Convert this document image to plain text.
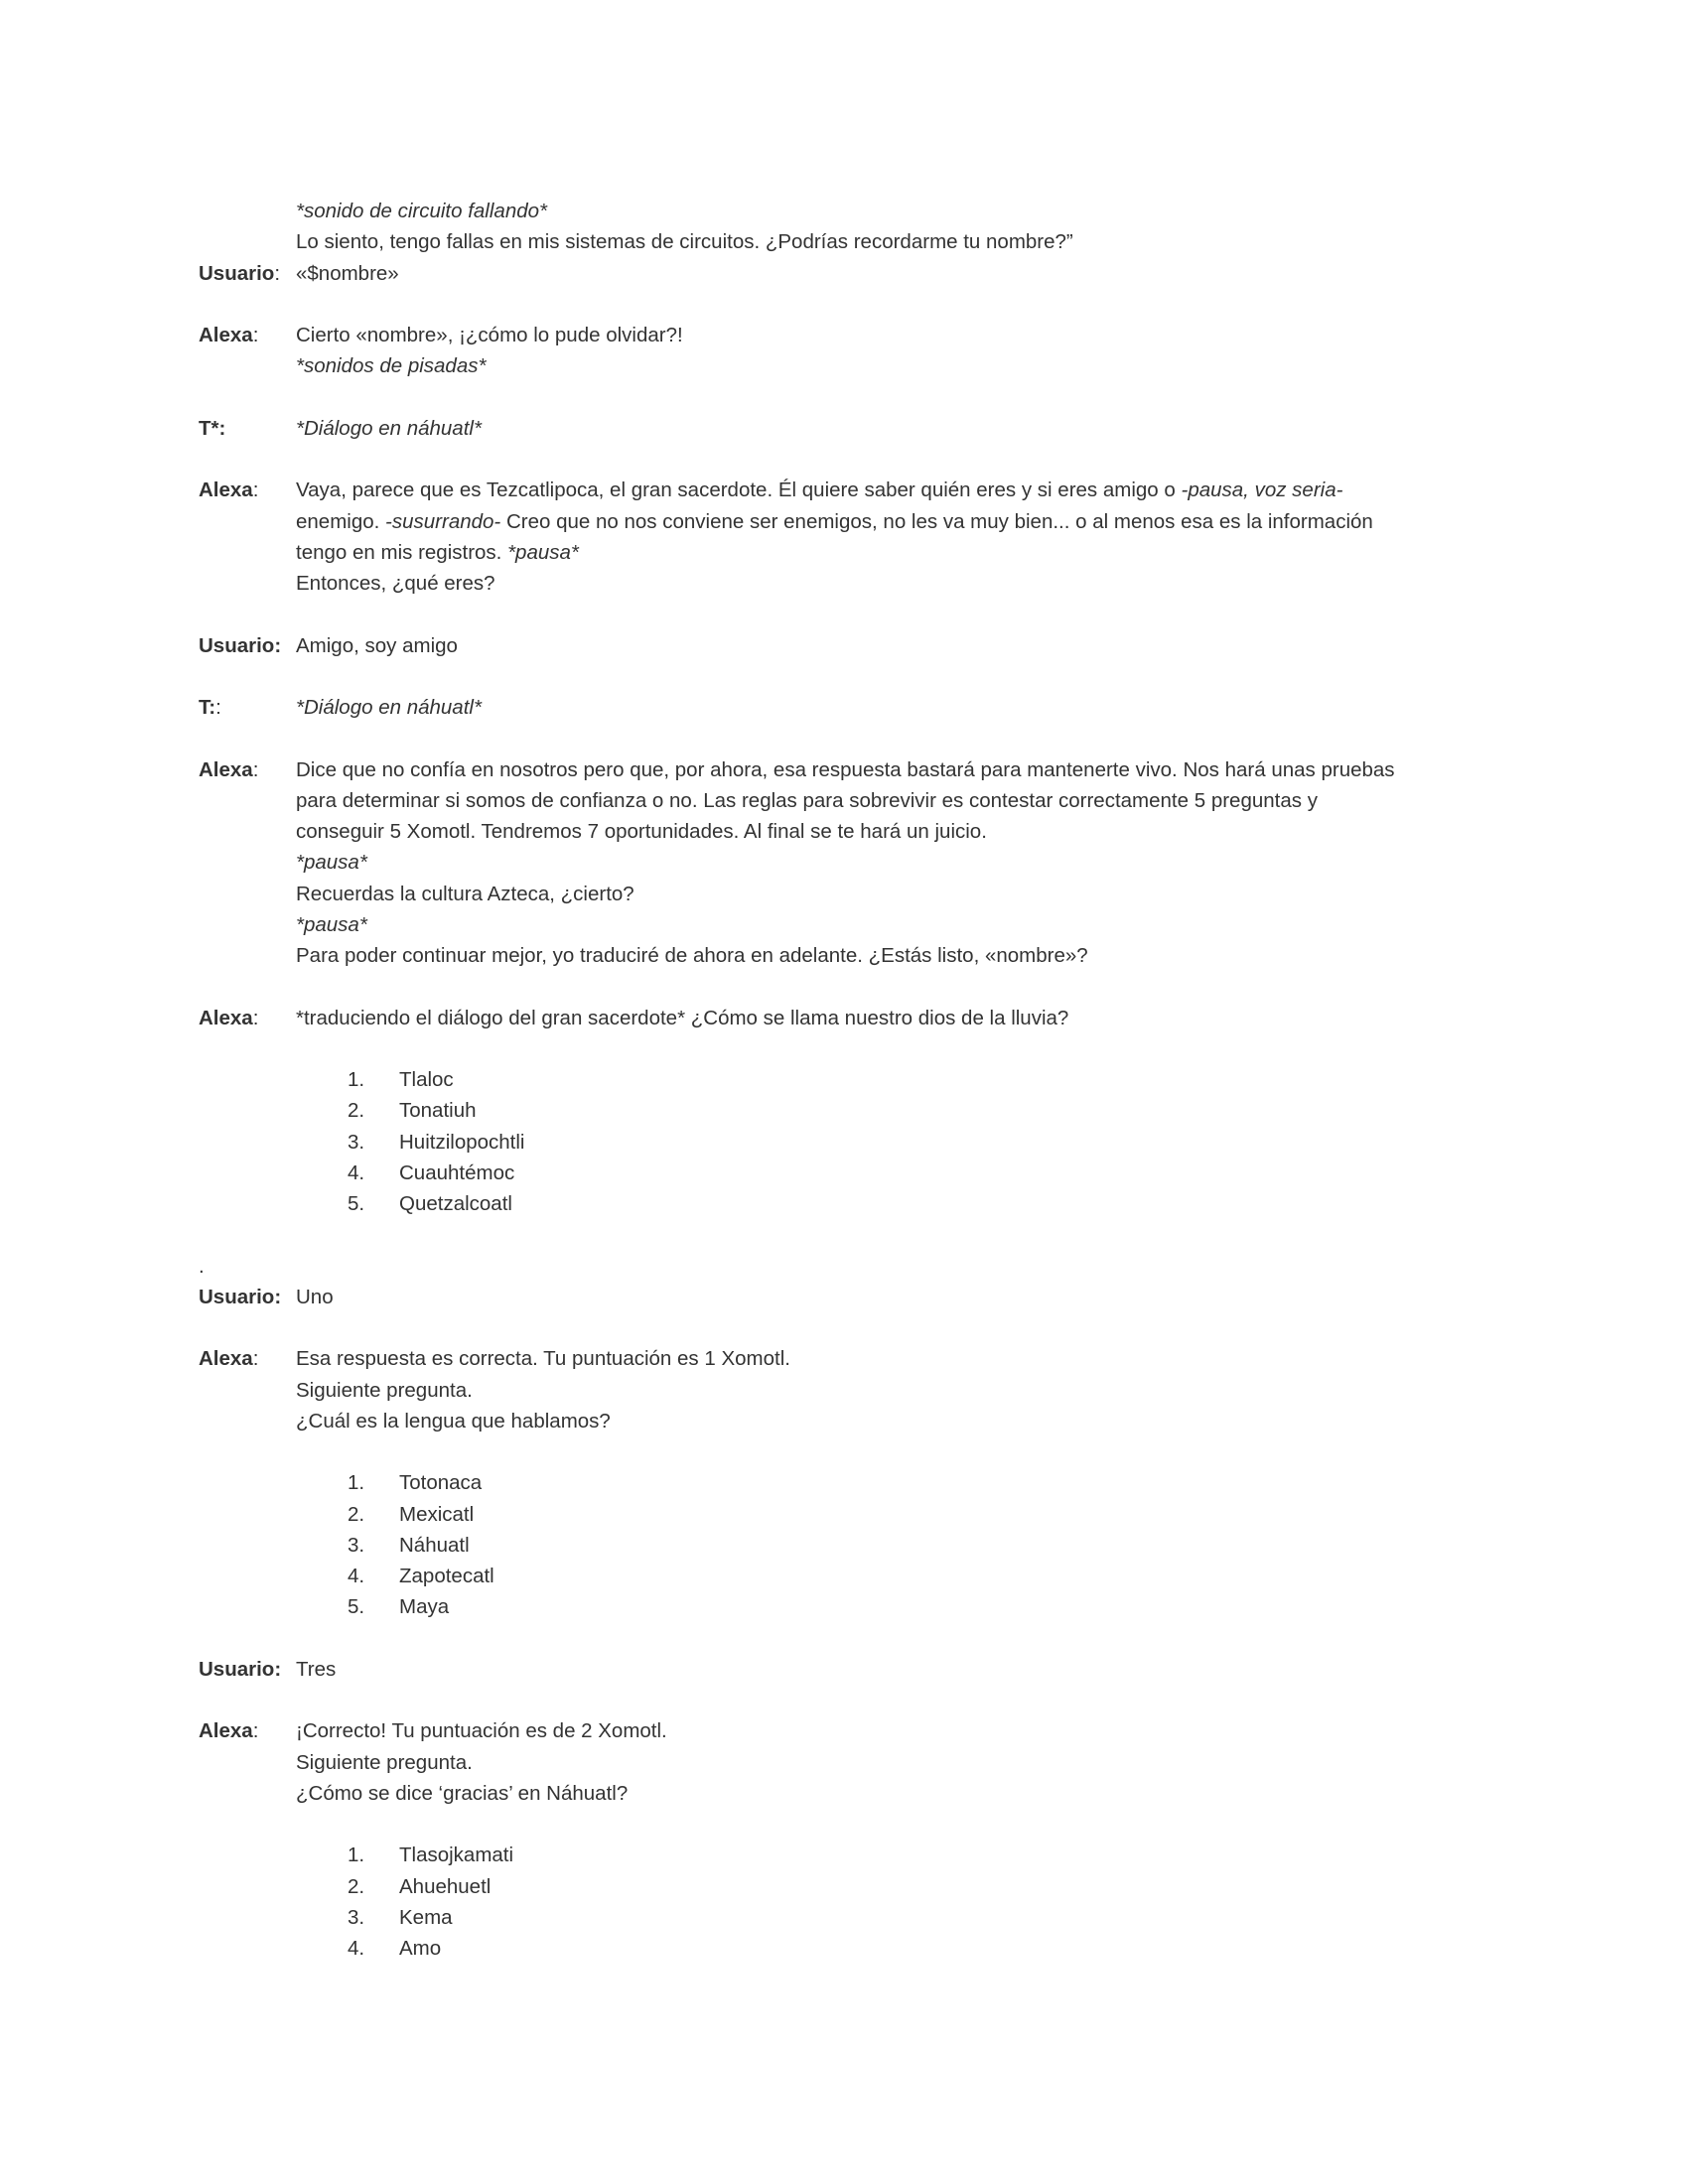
*sonido de circuito fallando*
Lo siento, tengo fallas en mis sistemas de circuitos. ¿Podrías recordarme tu nombre?”
Usuario: «$nombre»
Alexa: Cierto «nombre», ¡¿cómo lo pude olvidar?!
*sonidos de pisadas*
T*:	*Diálogo en náhuatl*
Alexa: Vaya, parece que es Tezcatlipoca, el gran sacerdote. Él quiere saber quién eres y si eres amigo o -pausa, voz seria-
enemigo. -susurrando- Creo que no nos conviene ser enemigos, no les va muy bien... o al menos esa es la información
tengo en mis registros. *pausa*
Entonces, ¿qué eres?
Usuario: Amigo, soy amigo
T::	*Diálogo en náhuatl*
Alexa: Dice que no confía en nosotros pero que, por ahora, esa respuesta bastará para mantenerte vivo. Nos hará unas pruebas
para determinar si somos de confianza o no. Las reglas para sobrevivir es contestar correctamente 5 preguntas y
conseguir 5 Xomotl. Tendremos 7 oportunidades. Al final se te hará un juicio.
*pausa*
Recuerdas la cultura Azteca, ¿cierto?
*pausa*
Para poder continuar mejor, yo traduciré de ahora en adelante. ¿Estás listo, «nombre»?
Alexa: *traduciendo el diálogo del gran sacerdote* ¿Cómo se llama nuestro dios de la lluvia?
1. Tlaloc
2. Tonatiuh
3. Huitzilopochtli
4. Cuauhtémoc
5. Quetzalcoatl
.
Usuario: Uno
Alexa: Esa respuesta es correcta. Tu puntuación es 1 Xomotl.
Siguiente pregunta.
¿Cuál es la lengua que hablamos?
1. Totonaca
2. Mexicatl
3. Náhuatl
4. Zapotecatl
5. Maya
Usuario: Tres
Alexa: ¡Correcto! Tu puntuación es de 2 Xomotl.
Siguiente pregunta.
¿Cómo se dice ‘gracias’ en Náhuatl?
1. Tlasojkamati
2. Ahuehuetl
3. Kema
4. Amo
